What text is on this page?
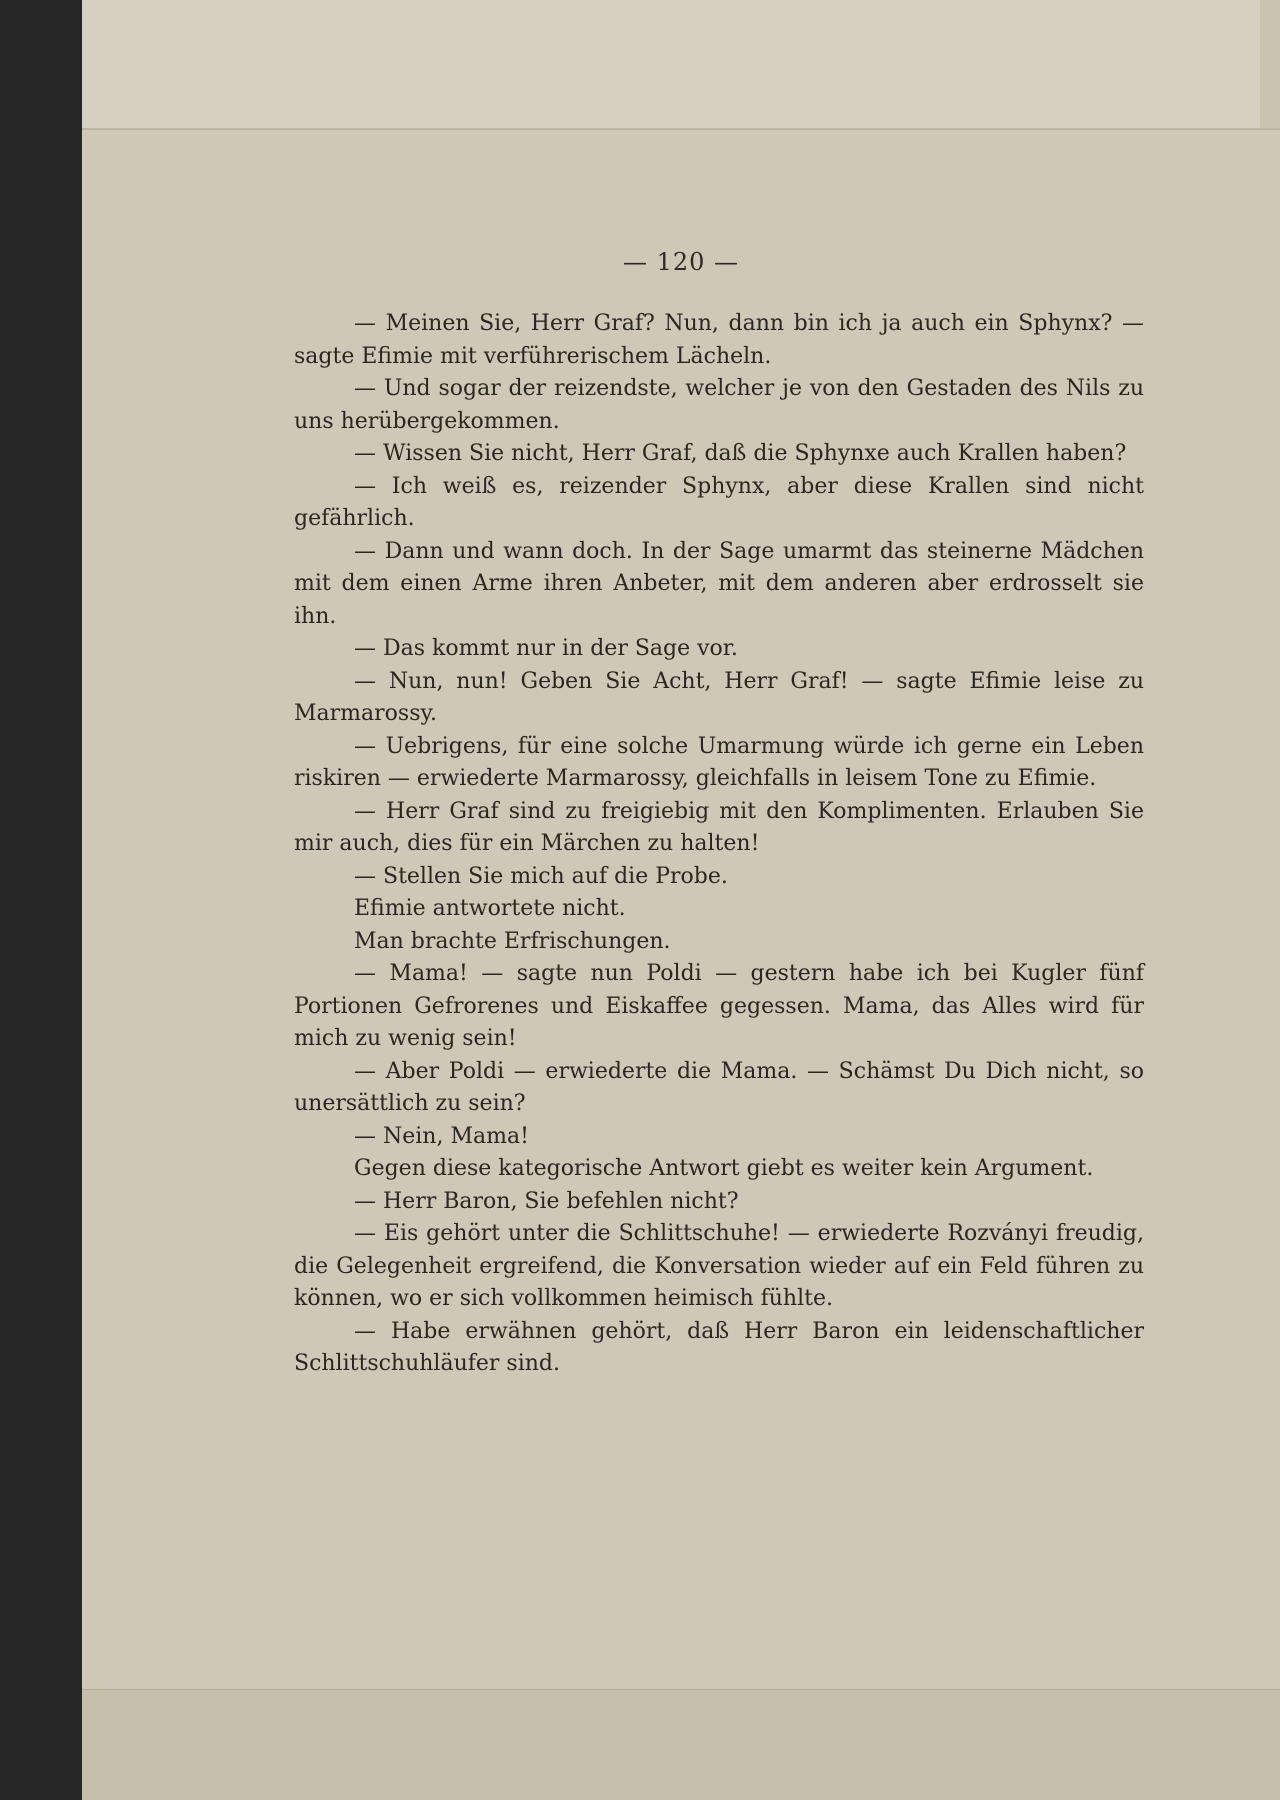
— 120 —

— Meinen Sie, Herr Graf? Nun, dann bin ich ja auch ein Sphynx? — sagte Efimie mit verführerischem Lächeln.

— Und sogar der reizendste, welcher je von den Gestaden des Nils zu uns herübergekommen.

— Wissen Sie nicht, Herr Graf, daß die Sphynxe auch Krallen haben?

— Ich weiß es, reizender Sphynx, aber diese Krallen sind nicht gefährlich.

— Dann und wann doch. In der Sage umarmt das steinerne Mädchen mit dem einen Arme ihren Anbeter, mit dem anderen aber erdrosselt sie ihn.

— Das kommt nur in der Sage vor.

— Nun, nun! Geben Sie Acht, Herr Graf! — sagte Efimie leise zu Marmarossy.

— Uebrigens, für eine solche Umarmung würde ich gerne ein Leben riskiren — erwiederte Marmarossy, gleichfalls in leisem Tone zu Efimie.

— Herr Graf sind zu freigiebig mit den Komplimenten. Erlauben Sie mir auch, dies für ein Märchen zu halten!

— Stellen Sie mich auf die Probe.

Efimie antwortete nicht.

Man brachte Erfrischungen.

— Mama! — sagte nun Poldi — gestern habe ich bei Kugler fünf Portionen Gefrorenes und Eiskaffee gegessen. Mama, das Alles wird für mich zu wenig sein!

— Aber Poldi — erwiederte die Mama. — Schämst Du Dich nicht, so unersättlich zu sein?

— Nein, Mama!

Gegen diese kategorische Antwort giebt es weiter kein Argument.

— Herr Baron, Sie befehlen nicht?

— Eis gehört unter die Schlittschuhe! — erwiederte Rozványi freudig, die Gelegenheit ergreifend, die Konversation wieder auf ein Feld führen zu können, wo er sich vollkommen heimisch fühlte.

— Habe erwähnen gehört, daß Herr Baron ein leidenschaftlicher Schlittschuhläufer sind.
